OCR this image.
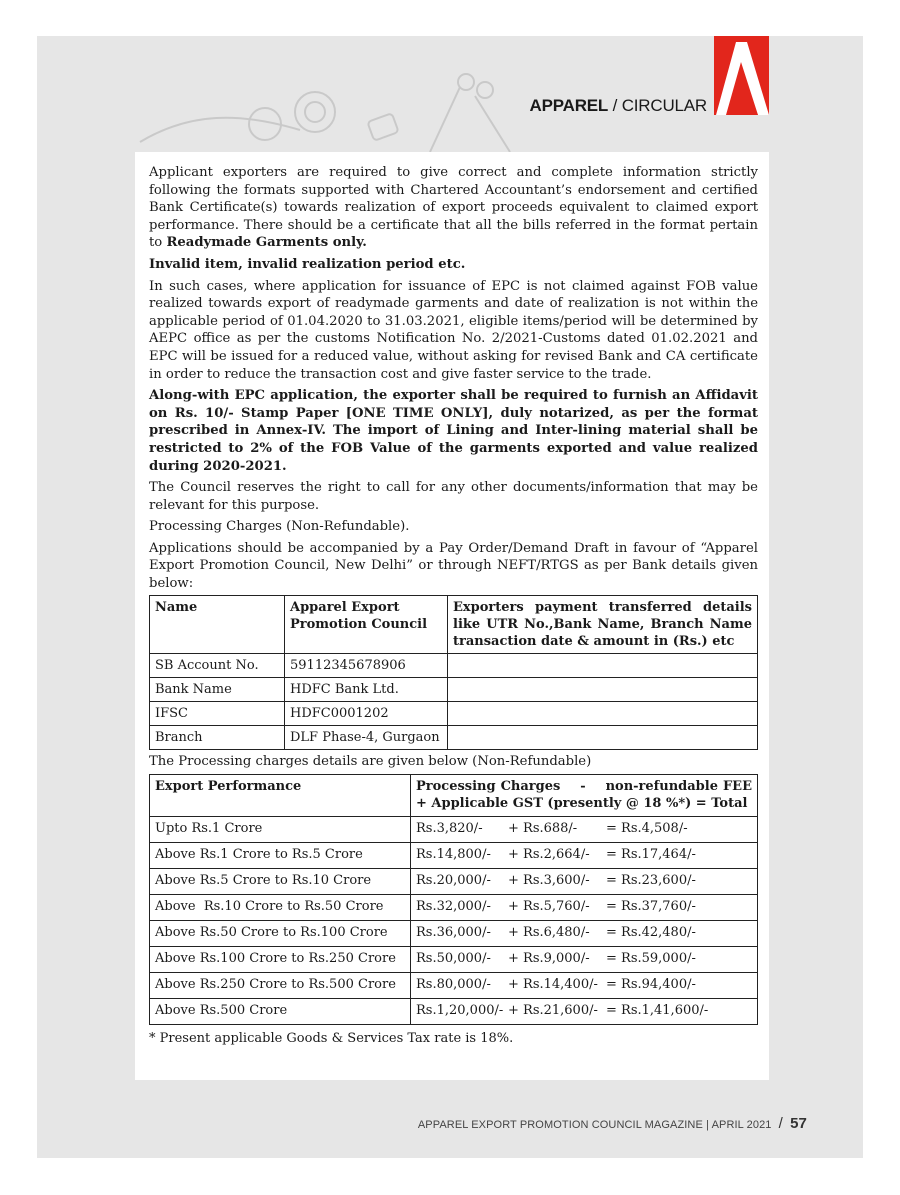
APPAREL / CIRCULAR

Applicant exporters are required to give correct and complete information strictly following the formats supported with Chartered Accountant’s endorsement and certified Bank Certificate(s) towards realization of export proceeds equivalent to claimed export performance. There should be a certificate that all the bills referred in the format pertain to Readymade Garments only.

Invalid item, invalid realization period etc.

In such cases, where application for issuance of EPC is not claimed against FOB value realized towards export of readymade garments and date of realization is not within the applicable period of 01.04.2020 to 31.03.2021, eligible items/period will be determined by AEPC office as per the customs Notification No. 2/2021-Customs dated 01.02.2021 and EPC will be issued for a reduced value, without asking for revised Bank and CA certificate in order to reduce the transaction cost and give faster service to the trade.

Along-with EPC application, the exporter shall be required to furnish an Affidavit on Rs. 10/- Stamp Paper [ONE TIME ONLY], duly notarized, as per the format prescribed in Annex-IV. The import of Lining and Inter-lining material shall be restricted to 2% of the FOB Value of the garments exported and value realized during 2020-2021.

The Council reserves the right to call for any other documents/information that may be relevant for this purpose.

Processing Charges (Non-Refundable).

Applications should be accompanied by a Pay Order/Demand Draft in favour of “Apparel Export Promotion Council, New Delhi” or through NEFT/RTGS as per Bank details given below:

Name	Apparel Export Promotion Council	Exporters payment transferred details like UTR No.,Bank Name, Branch Name transaction date & amount in (Rs.) etc
SB Account No.	59112345678906	
Bank Name	HDFC Bank Ltd.	
IFSC	HDFC0001202	
Branch	DLF Phase-4, Gurgaon	

The Processing charges details are given below (Non-Refundable)

Export Performance	Processing Charges    -    non-refundable FEE + Applicable GST (presently @ 18 %*) = Total
Upto Rs.1 Crore	Rs.3,820/- + Rs.688/- = Rs.4,508/-
Above Rs.1 Crore to Rs.5 Crore	Rs.14,800/- + Rs.2,664/- = Rs.17,464/-
Above Rs.5 Crore to Rs.10 Crore	Rs.20,000/- + Rs.3,600/- = Rs.23,600/-
Above  Rs.10 Crore to Rs.50 Crore	Rs.32,000/- + Rs.5,760/- = Rs.37,760/-
Above Rs.50 Crore to Rs.100 Crore	Rs.36,000/- + Rs.6,480/- = Rs.42,480/-
Above Rs.100 Crore to Rs.250 Crore	Rs.50,000/- + Rs.9,000/- = Rs.59,000/-
Above Rs.250 Crore to Rs.500 Crore	Rs.80,000/- + Rs.14,400/- = Rs.94,400/-
Above Rs.500 Crore	Rs.1,20,000/- + Rs.21,600/- = Rs.1,41,600/-
* Present applicable Goods & Services Tax rate is 18%.
APPAREL EXPORT PROMOTION COUNCIL MAGAZINE | APRIL 2021 / 57
